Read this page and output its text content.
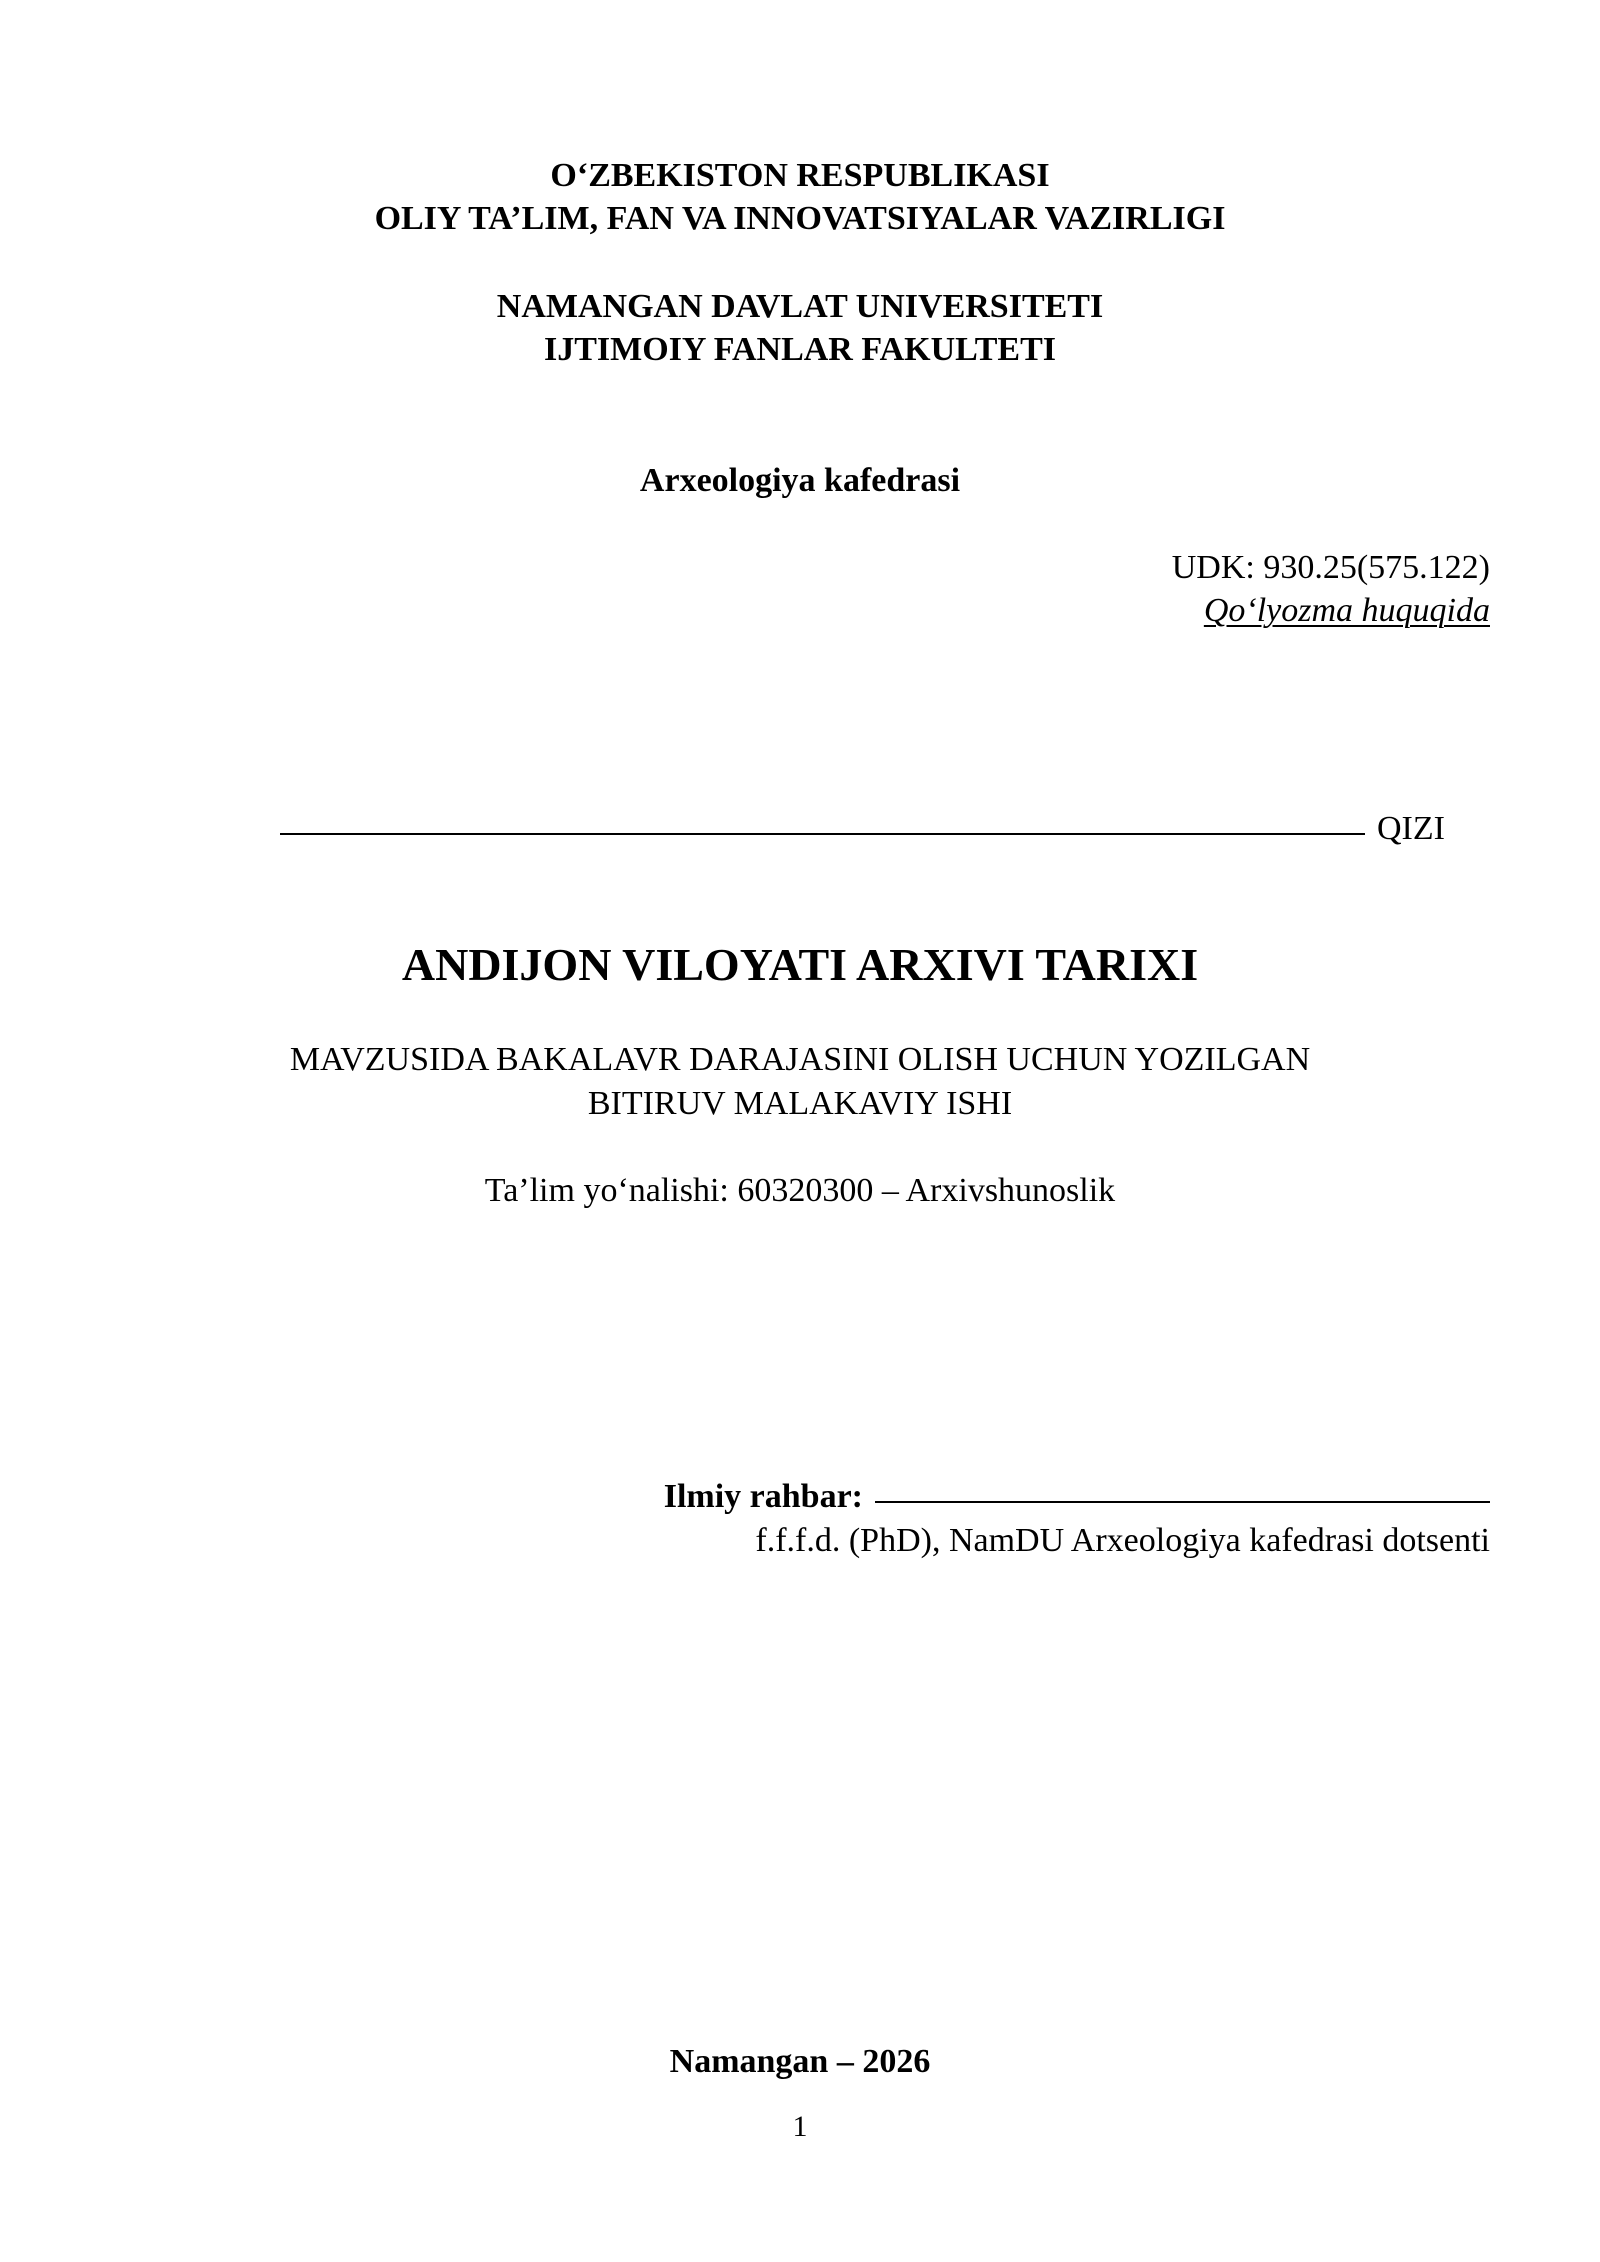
O‘ZBEKISTON RESPUBLIKASI
OLIY TA’LIM, FAN VA INNOVATSIYALAR VAZIRLIGI
NAMANGAN DAVLAT UNIVERSITETI
IJTIMOIY FANLAR FAKULTETI
Arxeologiya kafedrasi
UDK: 930.25(575.122)
Qo‘lyozma huquqida
QIZI
ANDIJON VILOYATI ARXIVI TARIXI
MAVZUSIDA BAKALAVR DARAJASINI OLISH UCHUN YOZILGAN
BITIRUV MALAKAVIY ISHI
Ta’lim yo‘nalishi: 60320300 – Arxivshunoslik
Ilmiy rahbar:
f.f.f.d. (PhD), NamDU Arxeologiya kafedrasi dotsenti
Namangan – 2026
1
